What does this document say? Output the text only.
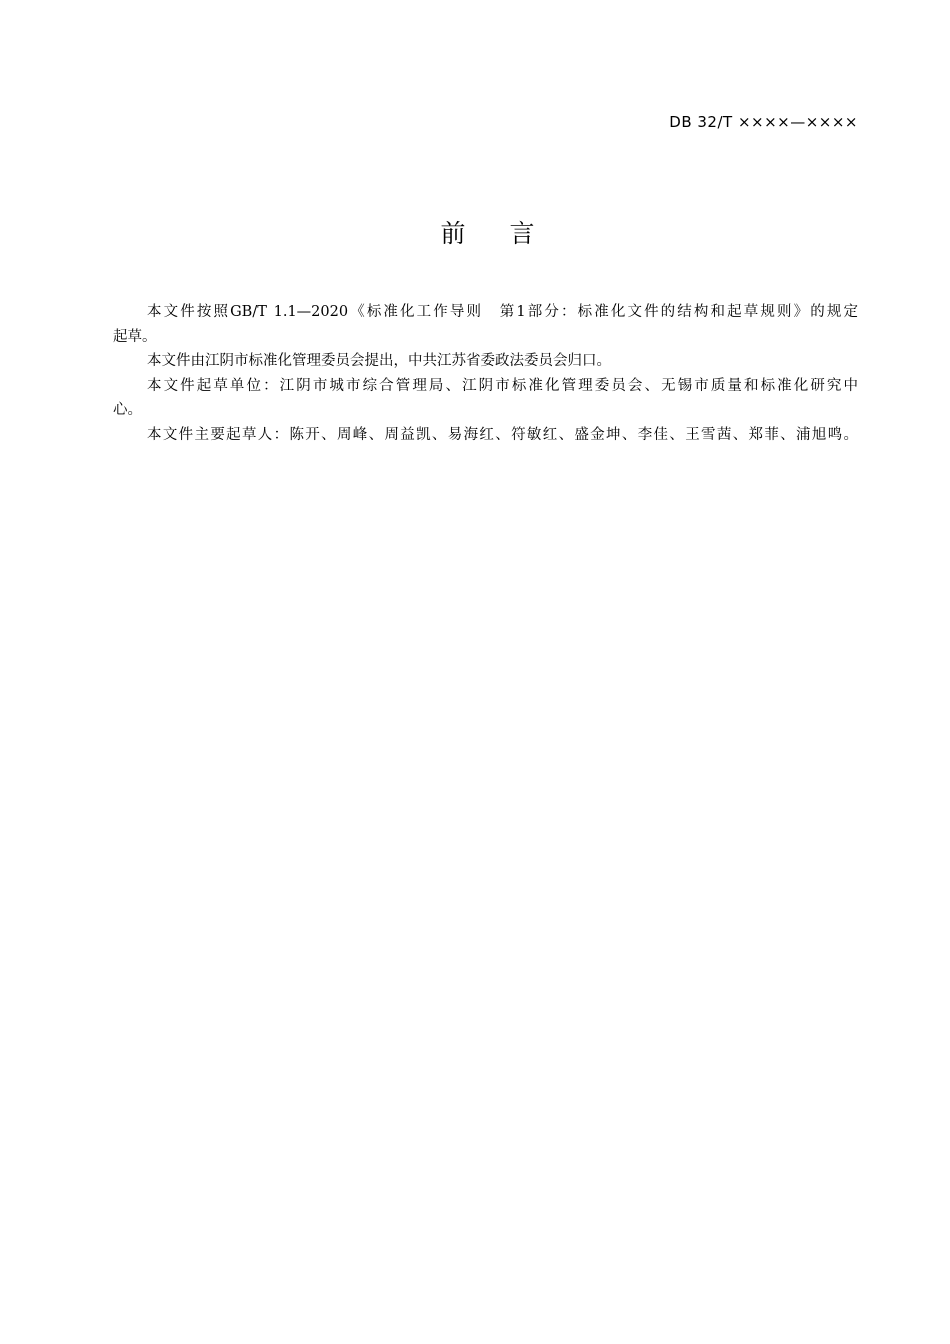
DB 32/T ××××—××××
前 言
本文件按照GB/T 1.1—2020《标准化工作导则　第1部分：标准化文件的结构和起草规则》的规定
起草。
本文件由江阴市标准化管理委员会提出，中共江苏省委政法委员会归口。
本文件起草单位：江阴市城市综合管理局、江阴市标准化管理委员会、无锡市质量和标准化研究中
心。
本文件主要起草人：陈开、周峰、周益凯、易海红、符敏红、盛金坤、李佳、王雪茜、郑菲、浦旭鸣。
